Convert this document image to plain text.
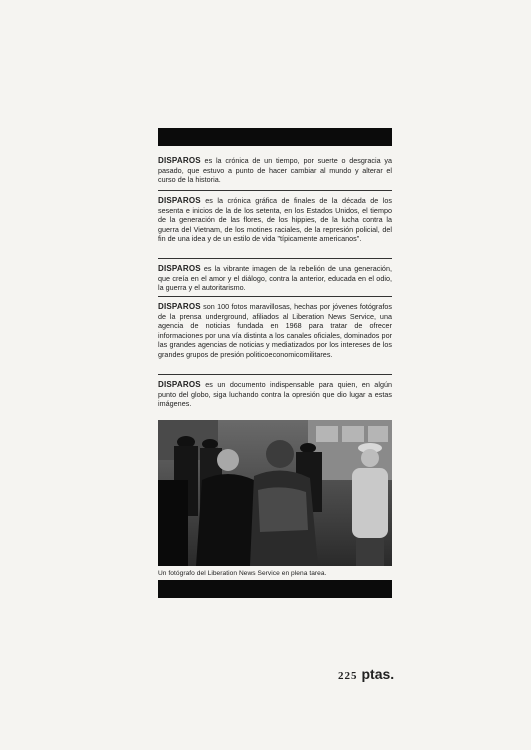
DISPAROS es la crónica de un tiempo, por suerte o desgracia ya pasado, que estuvo a punto de hacer cambiar al mundo y alterar el curso de la historia.
DISPAROS es la crónica gráfica de finales de la década de los sesenta e inicios de la de los setenta, en los Estados Unidos, el tiempo de la generación de las flores, de los hippies, de la lucha contra la guerra del Vietnam, de los motines raciales, de la represión policial, del fin de una idea y de un estilo de vida "típicamente americanos".
DISPAROS es la vibrante imagen de la rebelión de una generación, que creía en el amor y el diálogo, contra la anterior, educada en el odio, la guerra y el autoritarismo.
DISPAROS son 100 fotos maravillosas, hechas por jóvenes fotógrafos de la prensa underground, afiliados al Liberation News Service, una agencia de noticias fundada en 1968 para tratar de ofrecer informaciones por una vía distinta a los canales oficiales, dominados por las grandes agencias de noticias y mediatizados por los intereses de los grandes grupos de presión politicoeconomicomilitares.
DISPAROS es un documento indispensable para quien, en algún punto del globo, siga luchando contra la opresión que dio lugar a estas imágenes.
Un fotógrafo del Liberation News Service en plena tarea.
225 ptas.
